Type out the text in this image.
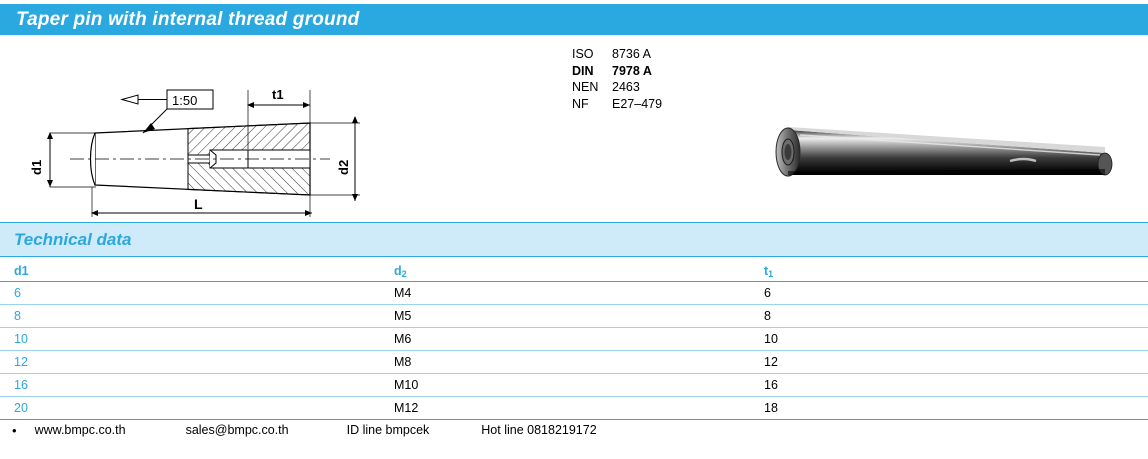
Taper pin with internal thread ground
1:50
d1	d2
t1
L
ISO	8736 A
DIN	7978 A
NEN	2463
NF	E27–479
Technical data
d1	$d_2$	$t_1$
6	M4	6
8	M5	8
10	M6	10
12	M8	12
16	M10	16
20	M12	18
•	www.bmpc.co.th	sales@bmpc.co.th	ID line bmpcek	Hot line 0818219172
